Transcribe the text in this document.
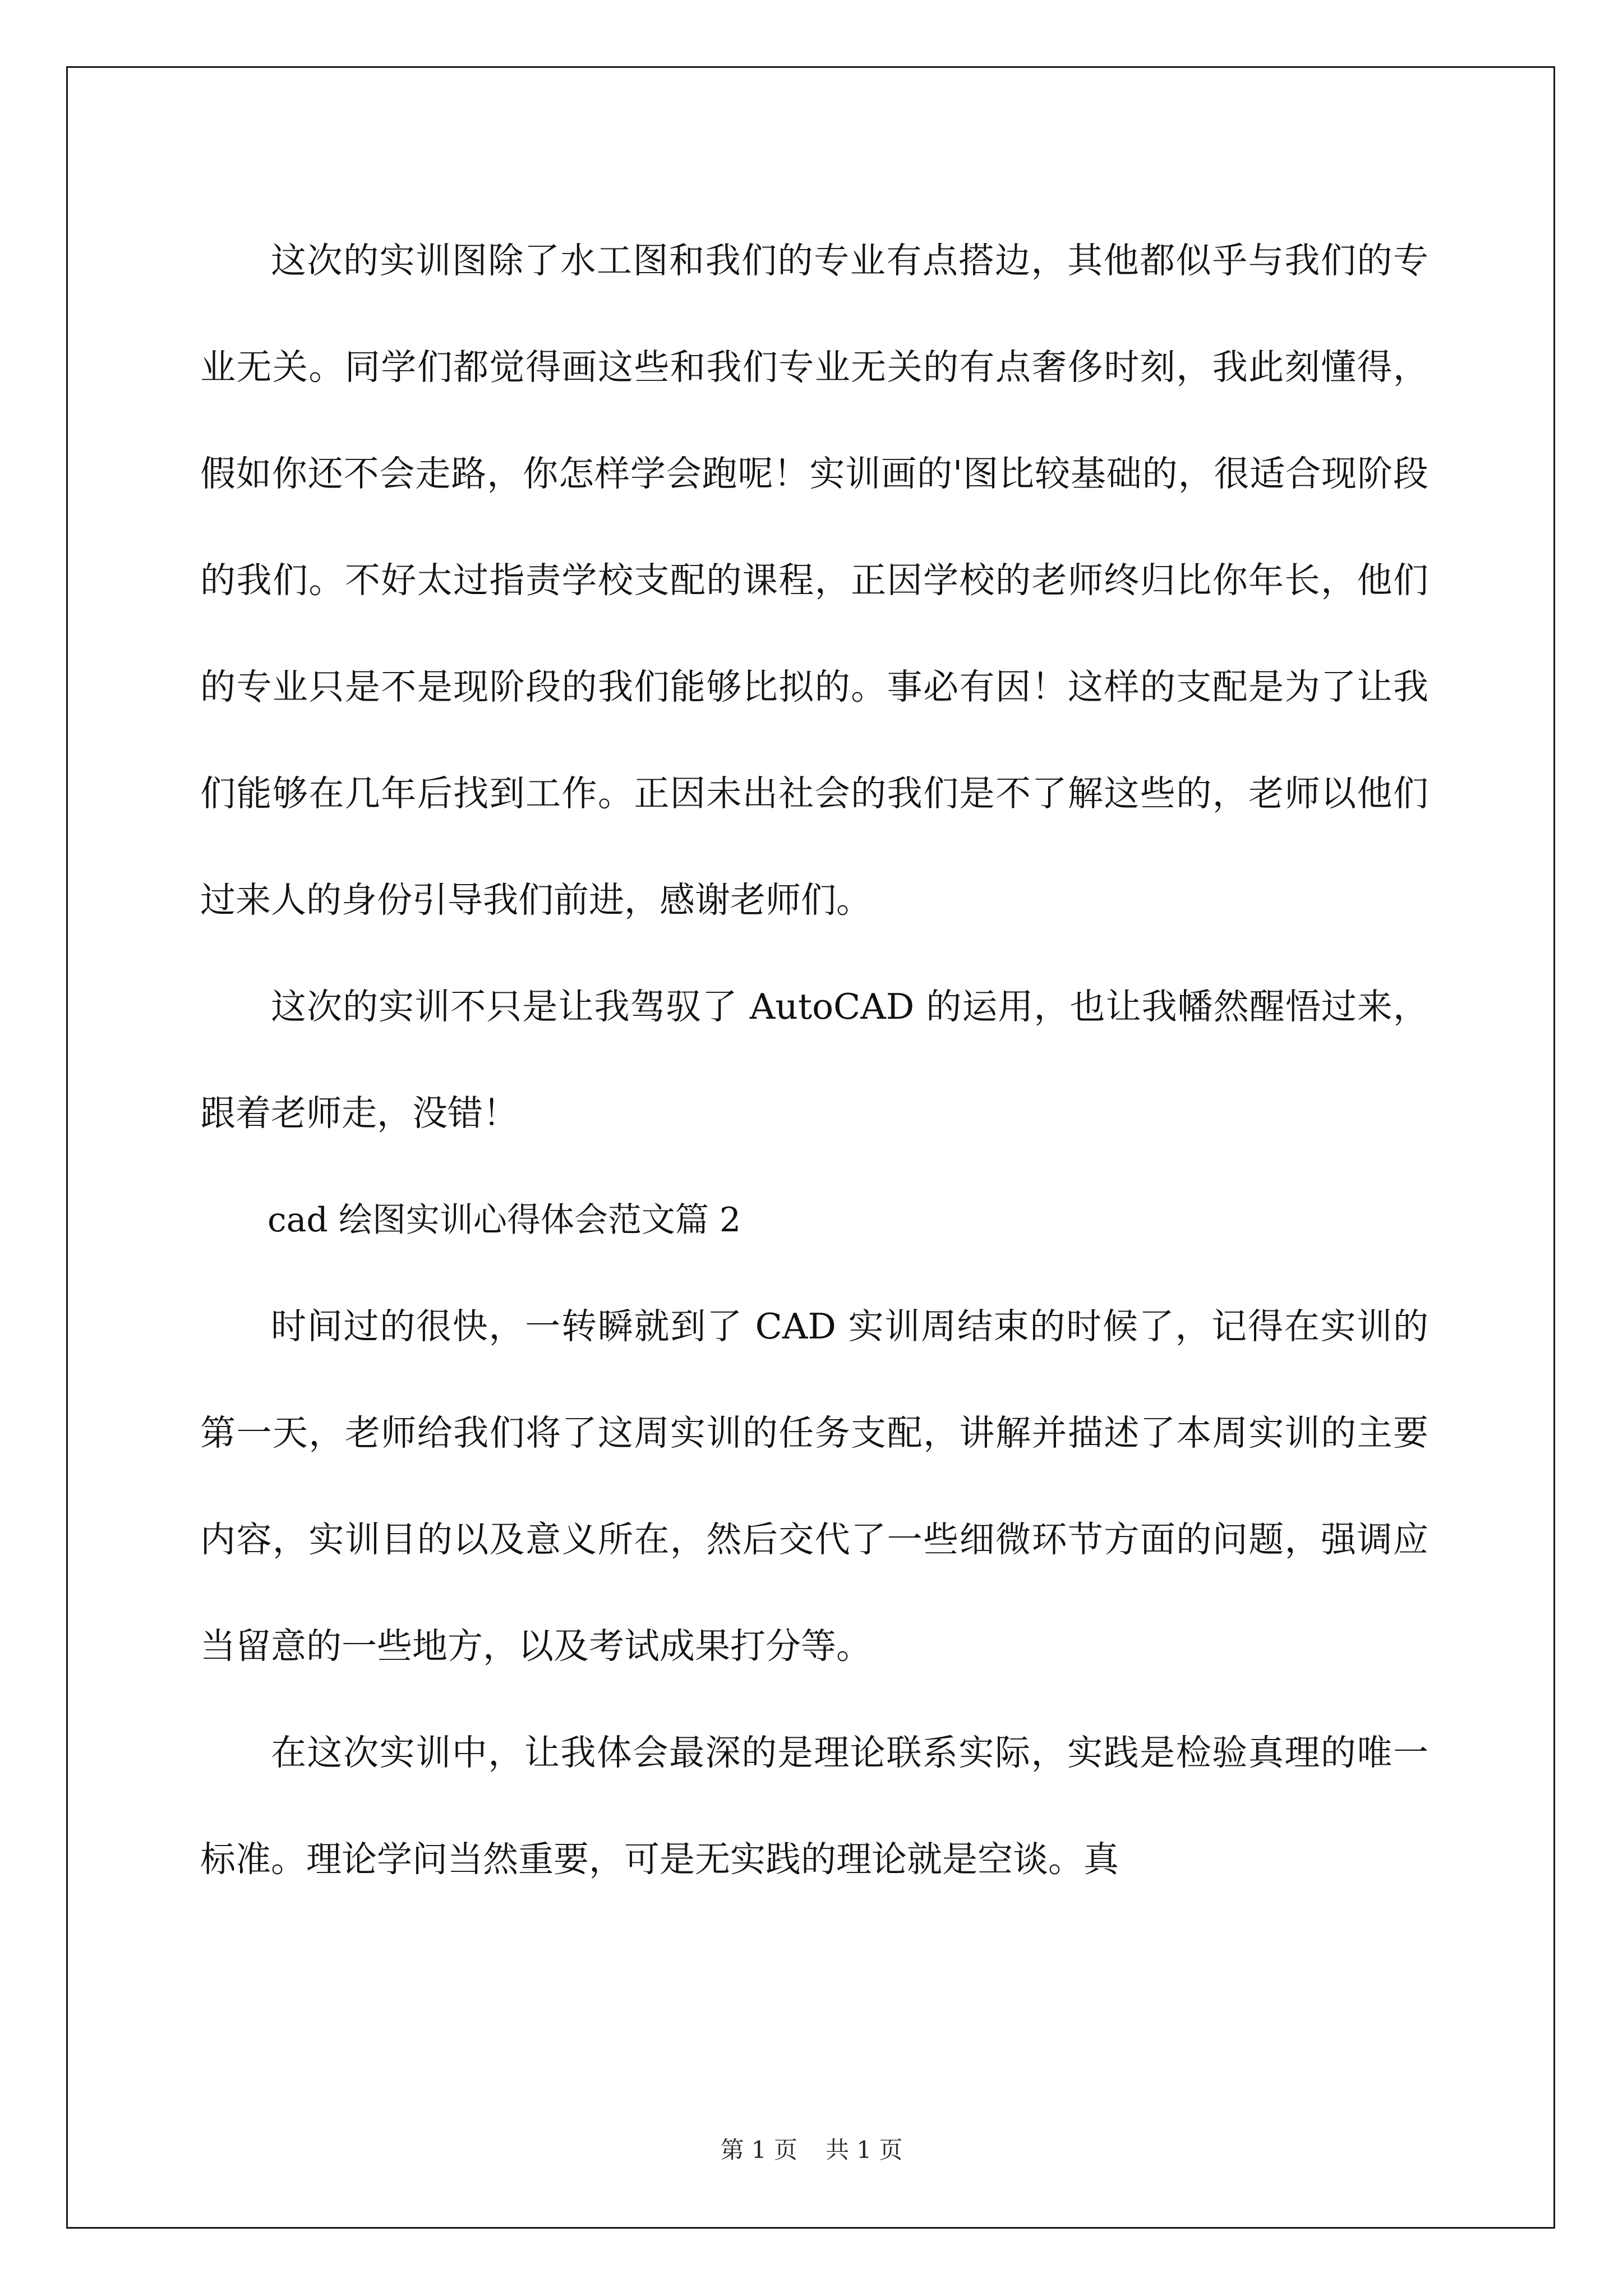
这次的实训图除了水工图和我们的专业有点搭边，其他都似乎与我们的专业无关。同学们都觉得画这些和我们专业无关的有点奢侈时刻，我此刻懂得，假如你还不会走路，你怎样学会跑呢！实训画的'图比较基础的，很适合现阶段的我们。不好太过指责学校支配的课程，正因学校的老师终归比你年长，他们的专业只是不是现阶段的我们能够比拟的。事必有因！这样的支配是为了让我们能够在几年后找到工作。正因未出社会的我们是不了解这些的，老师以他们过来人的身份引导我们前进，感谢老师们。

这次的实训不只是让我驾驭了 AutoCAD 的运用，也让我幡然醒悟过来，跟着老师走，没错！

cad 绘图实训心得体会范文篇 2

时间过的很快，一转瞬就到了 CAD 实训周结束的时候了，记得在实训的第一天，老师给我们将了这周实训的任务支配，讲解并描述了本周实训的主要内容，实训目的以及意义所在，然后交代了一些细微环节方面的问题，强调应当留意的一些地方，以及考试成果打分等。

在这次实训中，让我体会最深的是理论联系实际，实践是检验真理的唯一标准。理论学问当然重要，可是无实践的理论就是空谈。真

第 1 页 共 1 页
